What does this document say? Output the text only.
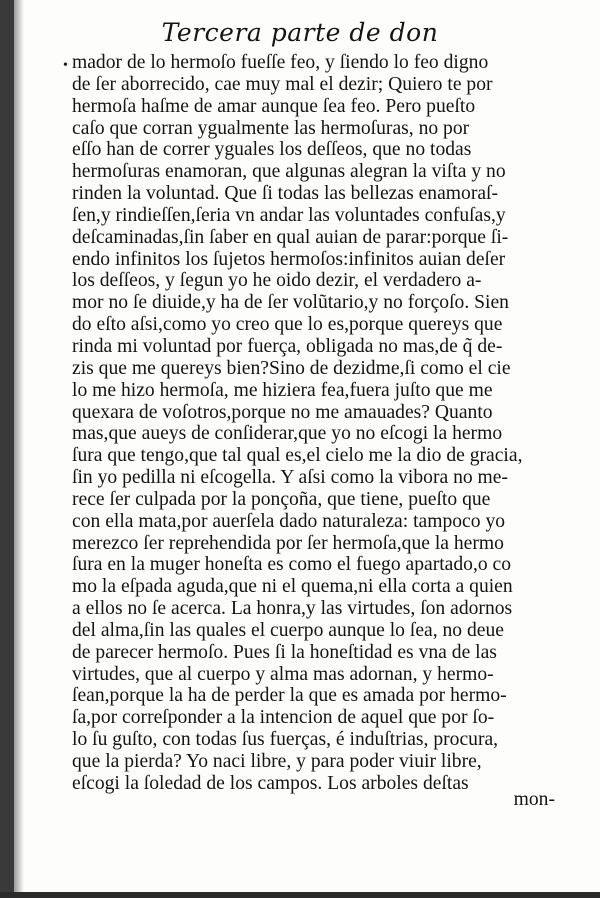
Tercera parte de don
• mador de lo hermoſo fueſſe feo, y ſiendo lo feo digno
de ſer aborrecido, cae muy mal el dezir; Quiero te por
hermoſa haſme de amar aunque ſea feo. Pero pueſto
caſo que corran ygualmente las hermoſuras, no por
eſſo han de correr yguales los deſſeos, que no todas
hermoſuras enamoran, que algunas alegran la viſta y no
rinden la voluntad. Que ſi todas las bellezas enamoraſ-
ſen,y rindieſſen,ſeria vn andar las voluntades confuſas,y
deſcaminadas,ſin ſaber en qual auian de parar:porque ſi-
endo infinitos los ſujetos hermoſos:infinitos auian deſer
los deſſeos, y ſegun yo he oido dezir, el verdadero a-
mor no ſe diuide,y ha de ſer volũtario,y no forçoſo. Sien
do eſto aſsi,como yo creo que lo es,porque quereys que
rinda mi voluntad por fuerça, obligada no mas,de q̃ de-
zis que me quereys bien?Sino de dezidme,ſi como el cie
lo me hizo hermoſa, me hiziera fea,fuera juſto que me
quexara de voſotros,porque no me amauades? Quanto
mas,que aueys de conſiderar,que yo no eſcogi la hermo
ſura que tengo,que tal qual es,el cielo me la dio de gracia,
ſin yo pedilla ni eſcogella. Y aſsi como la vibora no me-
rece ſer culpada por la ponçoña, que tiene, pueſto que
con ella mata,por auerſela dado naturaleza: tampoco yo
merezco ſer reprehendida por ſer hermoſa,que la hermo
ſura en la muger honeſta es como el fuego apartado,o co
mo la eſpada aguda,que ni el quema,ni ella corta a quien
a ellos no ſe acerca. La honra,y las virtudes, ſon adornos
del alma,ſin las quales el cuerpo aunque lo ſea, no deue
de parecer hermoſo. Pues ſi la honeſtidad es vna de las
virtudes, que al cuerpo y alma mas adornan, y hermo-
ſean,porque la ha de perder la que es amada por hermo-
ſa,por correſponder a la intencion de aquel que por ſo-
lo ſu guſto, con todas ſus fuerças, é induſtrias, procura,
que la pierda? Yo naci libre, y para poder viuir libre,
eſcogi la ſoledad de los campos. Los arboles deſtas
mon-
